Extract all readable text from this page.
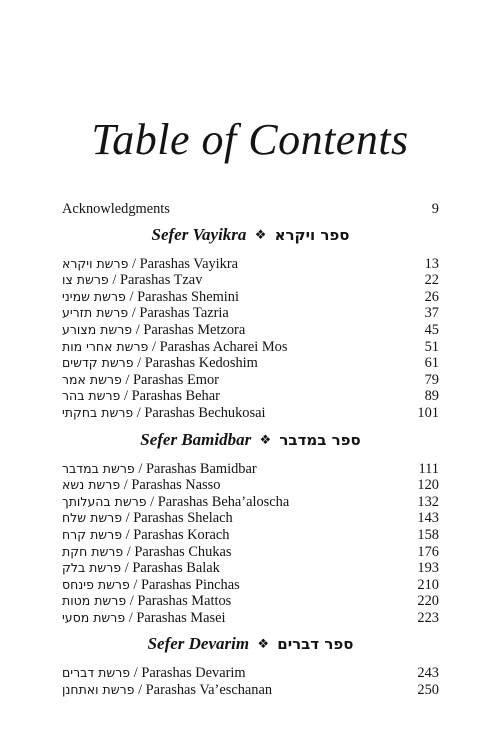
Table of Contents
Acknowledgments	9
Sefer Vayikra ❖ ספר ויקרא
פרשת ויקרא / Parashas Vayikra	13
פרשת צו / Parashas Tzav	22
פרשת שמיני / Parashas Shemini	26
פרשת תזריע / Parashas Tazria	37
פרשת מצורע / Parashas Metzora	45
פרשת אחרי מות / Parashas Acharei Mos	51
פרשת קדשים / Parashas Kedoshim	61
פרשת אמר / Parashas Emor	79
פרשת בהר / Parashas Behar	89
פרשת בחקתי / Parashas Bechukosai	101
Sefer Bamidbar ❖ ספר במדבר
פרשת במדבר / Parashas Bamidbar	111
פרשת נשא / Parashas Nasso	120
פרשת בהעלותך / Parashas Beha’aloscha	132
פרשת שלח / Parashas Shelach	143
פרשת קרח / Parashas Korach	158
פרשת חקת / Parashas Chukas	176
פרשת בלק / Parashas Balak	193
פרשת פינחס / Parashas Pinchas	210
פרשת מטות / Parashas Mattos	220
פרשת מסעי / Parashas Masei	223
Sefer Devarim ❖ ספר דברים
פרשת דברים / Parashas Devarim	243
פרשת ואתחנן / Parashas Va’eschanan	250
